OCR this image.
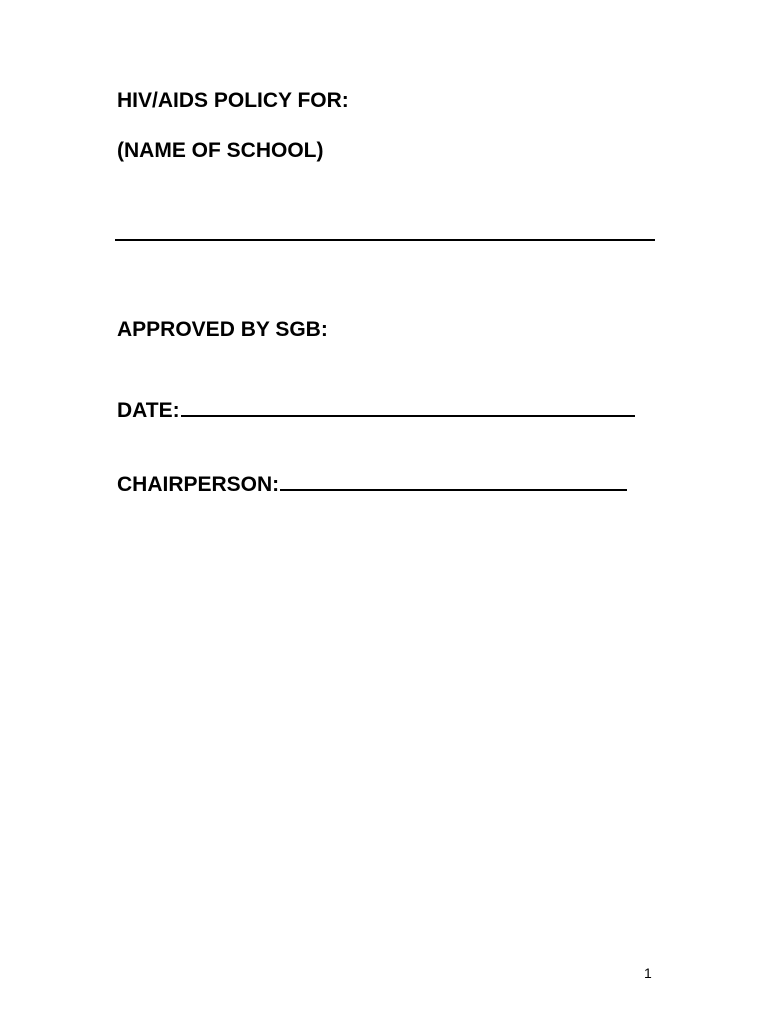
HIV/AIDS POLICY FOR:
(NAME OF SCHOOL)
APPROVED BY SGB:
DATE:
CHAIRPERSON:
1
